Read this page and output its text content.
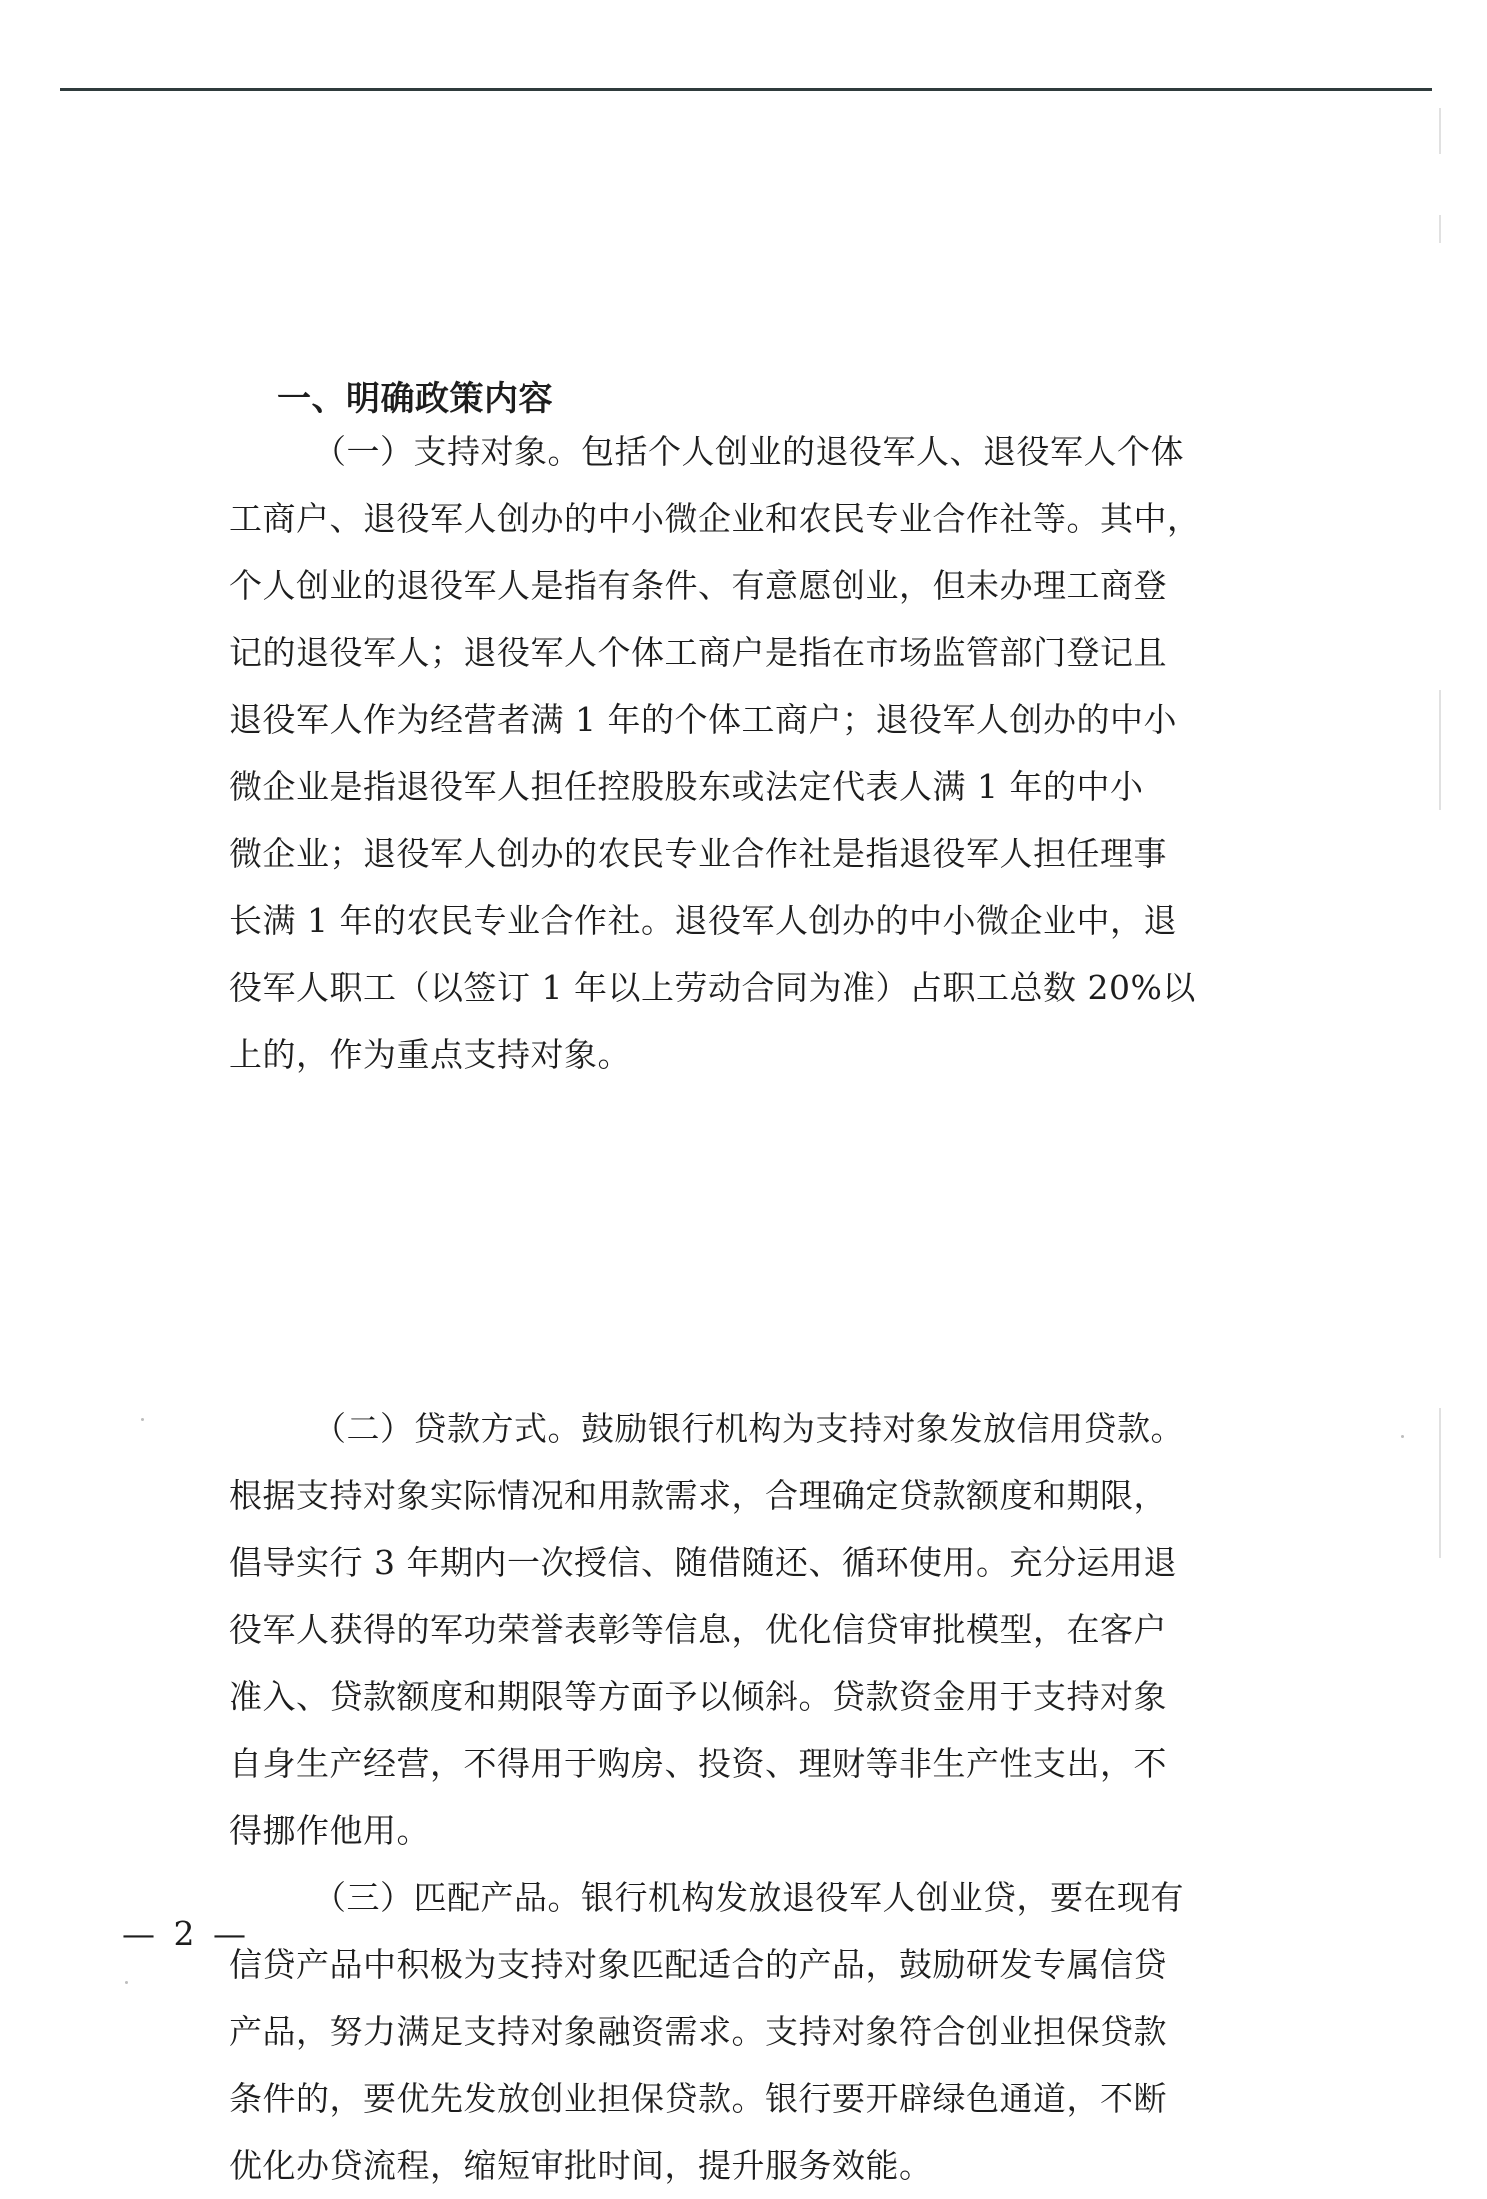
一、明确政策内容
（一）支持对象。包括个人创业的退役军人、退役军人个体
工商户、退役军人创办的中小微企业和农民专业合作社等。其中，
个人创业的退役军人是指有条件、有意愿创业，但未办理工商登
记的退役军人；退役军人个体工商户是指在市场监管部门登记且
退役军人作为经营者满 1 年的个体工商户；退役军人创办的中小
微企业是指退役军人担任控股股东或法定代表人满 1 年的中小
微企业；退役军人创办的农民专业合作社是指退役军人担任理事
长满 1 年的农民专业合作社。退役军人创办的中小微企业中，退
役军人职工（以签订 1 年以上劳动合同为准）占职工总数 20%以
上的，作为重点支持对象。
（二）贷款方式。鼓励银行机构为支持对象发放信用贷款。
根据支持对象实际情况和用款需求，合理确定贷款额度和期限，
倡导实行 3 年期内一次授信、随借随还、循环使用。充分运用退
役军人获得的军功荣誉表彰等信息，优化信贷审批模型，在客户
准入、贷款额度和期限等方面予以倾斜。贷款资金用于支持对象
自身生产经营，不得用于购房、投资、理财等非生产性支出，不
得挪作他用。
（三）匹配产品。银行机构发放退役军人创业贷，要在现有
信贷产品中积极为支持对象匹配适合的产品，鼓励研发专属信贷
产品，努力满足支持对象融资需求。支持对象符合创业担保贷款
条件的，要优先发放创业担保贷款。银行要开辟绿色通道，不断
优化办贷流程，缩短审批时间，提升服务效能。
— 2 —
